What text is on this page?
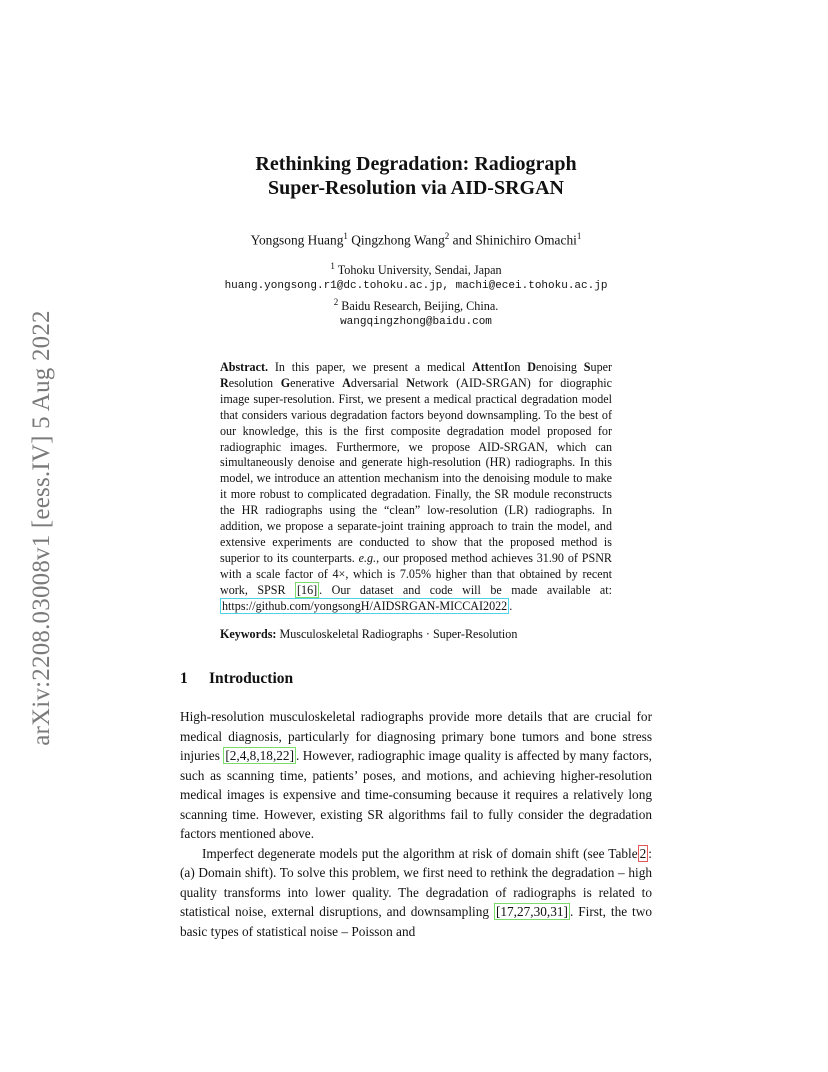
arXiv:2208.03008v1 [eess.IV] 5 Aug 2022
Rethinking Degradation: Radiograph
Super-Resolution via AID-SRGAN
Yongsong Huang$^1$ Qingzhong Wang$^2$ and Shinichiro Omachi$^1$
$^1$ Tohoku University, Sendai, Japan
huang.yongsong.r1@dc.tohoku.ac.jp, machi@ecei.tohoku.ac.jp
$^2$ Baidu Research, Beijing, China.
wangqingzhong@baidu.com
Abstract. In this paper, we present a medical AttentIon Denoising Super Resolution Generative Adversarial Network (AID-SRGAN) for diographic image super-resolution. First, we present a medical practical degradation model that considers various degradation factors beyond downsampling. To the best of our knowledge, this is the first composite degradation model proposed for radiographic images. Furthermore, we propose AID-SRGAN, which can simultaneously denoise and generate high-resolution (HR) radiographs. In this model, we introduce an attention mechanism into the denoising module to make it more robust to complicated degradation. Finally, the SR module reconstructs the HR radiographs using the “clean” low-resolution (LR) radiographs. In addition, we propose a separate-joint training approach to train the model, and extensive experiments are conducted to show that the proposed method is superior to its counterparts. e.g., our proposed method achieves 31.90 of PSNR with a scale factor of 4×, which is 7.05% higher than that obtained by recent work, SPSR [16] . Our dataset and code will be made available at: https://github.com/yongsongH/AIDSRGAN-MICCAI2022 .
Keywords: Musculoskeletal Radiographs · Super-Resolution
1 Introduction

High-resolution musculoskeletal radiographs provide more details that are crucial for medical diagnosis, particularly for diagnosing primary bone tumors and bone stress injuries [2,4,8,18,22] . However, radiographic image quality is affected by many factors, such as scanning time, patients’ poses, and motions, and achieving higher-resolution medical images is expensive and time-consuming because it requires a relatively long scanning time. However, existing SR algorithms fail to fully consider the degradation factors mentioned above.

Imperfect degenerate models put the algorithm at risk of domain shift (see Table 2 : (a) Domain shift). To solve this problem, we first need to rethink the degradation – high quality transforms into lower quality. The degradation of radiographs is related to statistical noise, external disruptions, and downsampling [17,27,30,31] . First, the two basic types of statistical noise – Poisson and
